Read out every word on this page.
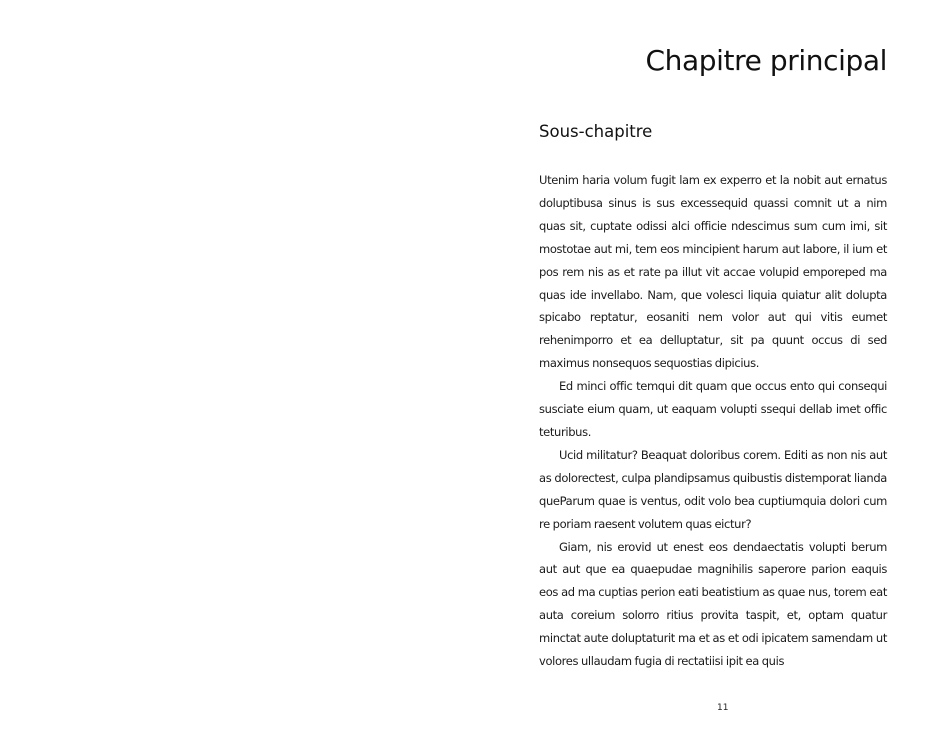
Chapitre principal
Sous-chapitre

Utenim haria volum fugit lam ex experro et la nobit aut ernatus doluptibusa sinus is sus excessequid quassi comnit ut a nim quas sit, cuptate odissi alci officie ndescimus sum cum imi, sit mostotae aut mi, tem eos mincipient harum aut labore, il ium et pos rem nis as et rate pa illut vit accae volupid emporeped ma quas ide invellabo. Nam, que volesci liquia quiatur alit dolupta spicabo reptatur, eosaniti nem volor aut qui vitis eumet rehenimporro et ea delluptatur, sit pa quunt occus di sed maximus nonsequos sequostias dipicius.

Ed minci offic temqui dit quam que occus ento qui consequi susciate eium quam, ut eaquam volupti ssequi dellab imet offic teturibus.

Ucid militatur? Beaquat doloribus corem. Editi as non nis aut as dolorectest, culpa plandipsamus quibustis distemporat lianda queParum quae is ventus, odit volo bea cuptiumquia dolori cum re poriam raesent volutem quas eictur?

Giam, nis erovid ut enest eos dendaectatis volupti berum aut aut que ea quaepudae magnihilis saperore parion eaquis eos ad ma cuptias perion eati beatistium as quae nus, torem eat auta coreium solorro ritius provita taspit, et, optam quatur minctat aute doluptaturit ma et as et odi ipicatem samendam ut volores ullaudam fugia di rectatiisi ipit ea quis

11
